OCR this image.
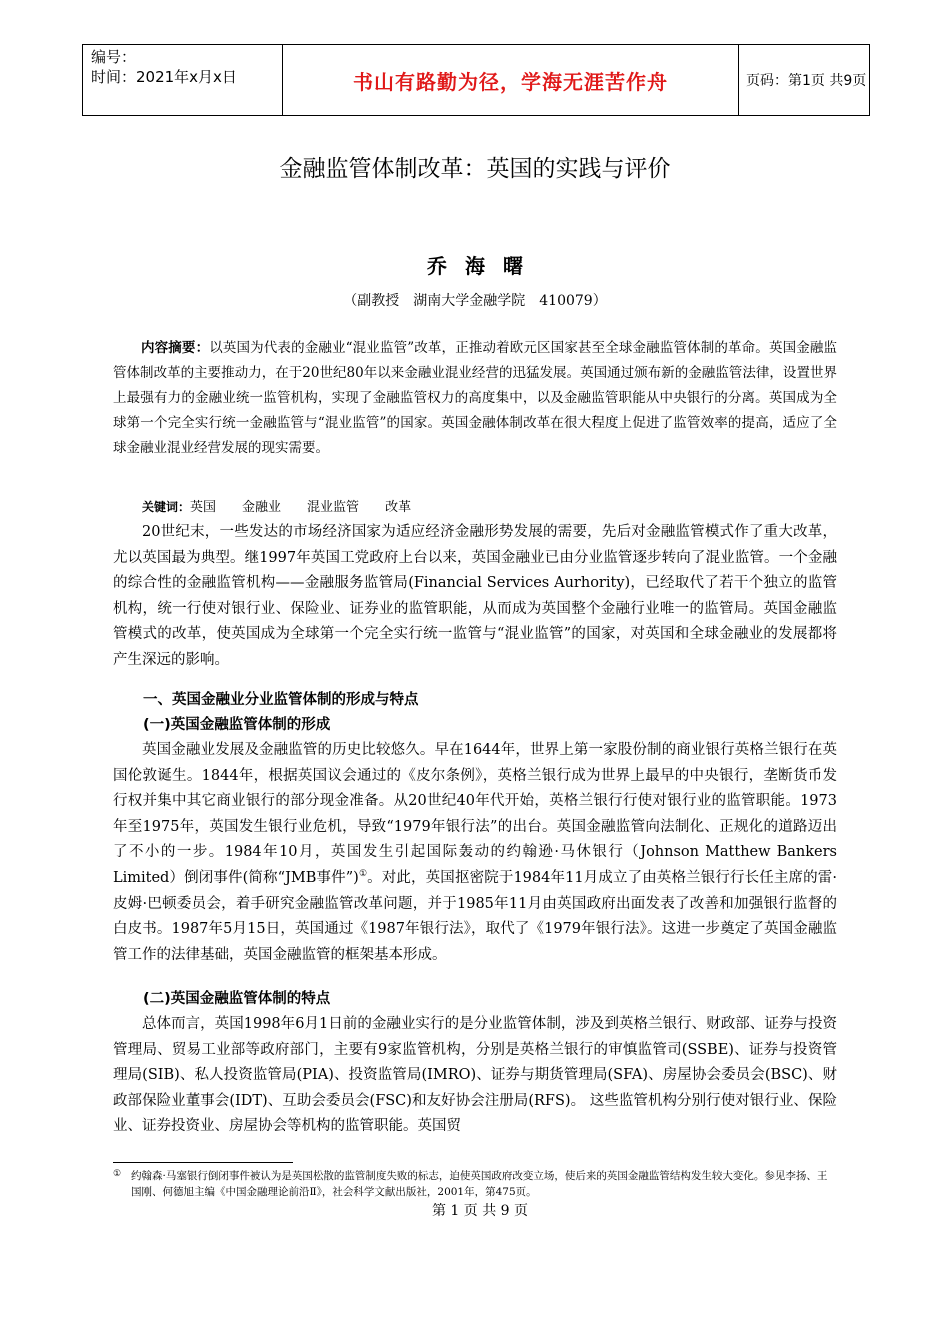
编号：
时间：2021年x月x日	书山有路勤为径，学海无涯苦作舟	页码：第1页 共9页
金融监管体制改革：英国的实践与评价
乔海曙
（副教授　湖南大学金融学院　410079）

内容摘要：以英国为代表的金融业“混业监管”改革，正推动着欧元区国家甚至全球金融监管体制的革命。英国金融监管体制改革的主要推动力，在于20世纪80年以来金融业混业经营的迅猛发展。英国通过颁布新的金融监管法律，设置世界上最强有力的金融业统一监管机构，实现了金融监管权力的高度集中，以及金融监管职能从中央银行的分离。英国成为全球第一个完全实行统一金融监管与“混业监管”的国家。英国金融体制改革在很大程度上促进了监管效率的提高，适应了全球金融业混业经营发展的现实需要。

关键词：英国 金融业 混业监管 改革

20世纪末，一些发达的市场经济国家为适应经济金融形势发展的需要，先后对金融监管模式作了重大改革，尤以英国最为典型。继1997年英国工党政府上台以来，英国金融业已由分业监管逐步转向了混业监管。一个金融的综合性的金融监管机构——金融服务监管局(Financial Services Aurhority)，已经取代了若干个独立的监管机构，统一行使对银行业、保险业、证券业的监管职能，从而成为英国整个金融行业唯一的监管局。英国金融监管模式的改革，使英国成为全球第一个完全实行统一监管与“混业监管”的国家，对英国和全球金融业的发展都将产生深远的影响。

一、英国金融业分业监管体制的形成与特点
(一)英国金融监管体制的形成

英国金融业发展及金融监管的历史比较悠久。早在1644年，世界上第一家股份制的商业银行英格兰银行在英国伦敦诞生。1844年，根据英国议会通过的《皮尔条例》，英格兰银行成为世界上最早的中央银行，垄断货币发行权并集中其它商业银行的部分现金准备。从20世纪40年代开始，英格兰银行行使对银行业的监管职能。1973年至1975年，英国发生银行业危机，导致“1979年银行法”的出台。英国金融监管向法制化、正规化的道路迈出了不小的一步。1984年10月，英国发生引起国际轰动的约翰逊·马休银行（Johnson Matthew Bankers Limited）倒闭事件(简称“JMB事件”)①。对此，英国抠密院于1984年11月成立了由英格兰银行行长任主席的雷·皮姆·巴顿委员会，着手研究金融监管改革问题，并于1985年11月由英国政府出面发表了改善和加强银行监督的白皮书。1987年5月15日，英国通过《1987年银行法》，取代了《1979年银行法》。这进一步奠定了英国金融监管工作的法律基础，英国金融监管的框架基本形成。

(二)英国金融监管体制的特点

总体而言，英国1998年6月1日前的金融业实行的是分业监管体制，涉及到英格兰银行、财政部、证券与投资管理局、贸易工业部等政府部门，主要有9家监管机构，分别是英格兰银行的审慎监管司(SSBE)、证券与投资管理局(SIB)、私人投资监管局(PIA)、投资监管局(IMRO)、证券与期货管理局(SFA)、房屋协会委员会(BSC)、财政部保险业董事会(IDT)、互助会委员会(FSC)和友好协会注册局(RFS)。 这些监管机构分别行使对银行业、保险业、证券投资业、房屋协会等机构的监管职能。英国贸

① 约翰森·马塞银行倒闭事件被认为是英国松散的监管制度失败的标志，迫使英国政府改变立场，使后来的英国金融监管结构发生较大变化。参见李扬、王国刚、何德旭主编《中国金融理论前沿Ⅱ》，社会科学文献出版社，2001年，第475页。
第 1 页 共 9 页
